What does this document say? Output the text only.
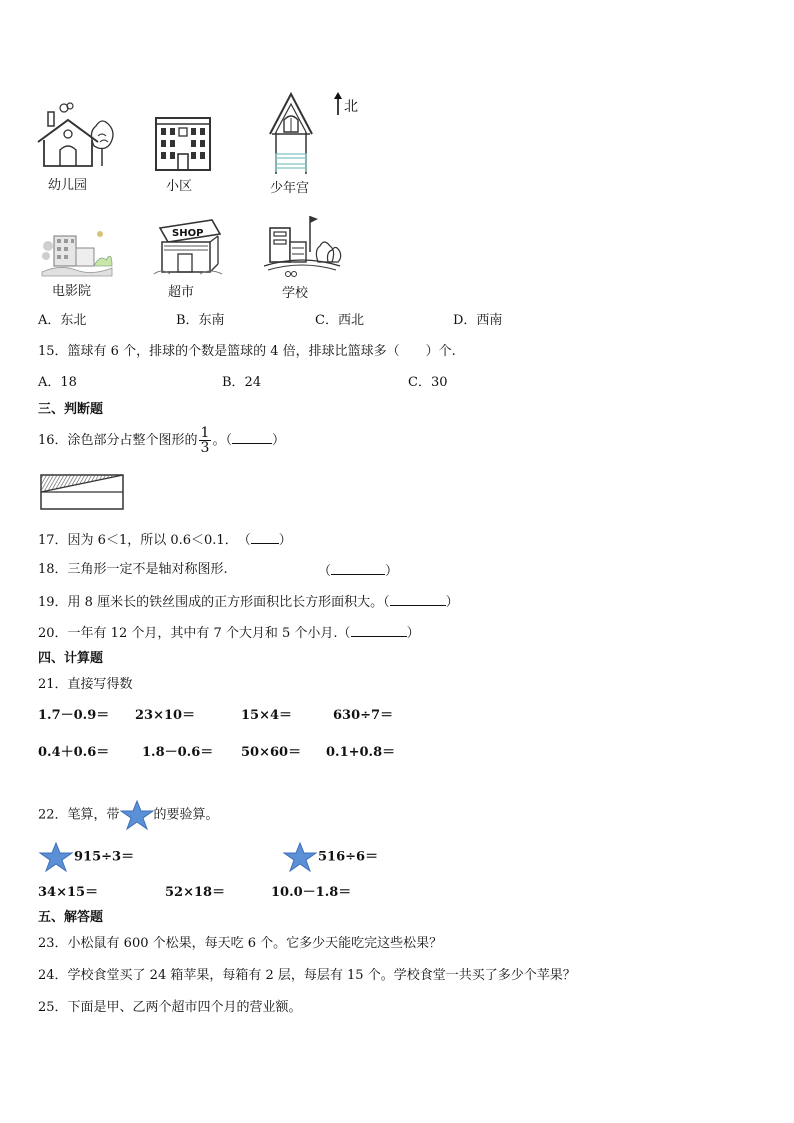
北
幼儿园	小区	少年宫
电影院
SHOP
超市	学校
A．东北	B．东南	C．西北	D．西南
15．篮球有 6 个，排球的个数是篮球的 4 倍，排球比篮球多（　　）个.
A．18	B．24	C．30
三、判断题
16．涂色部分占整个图形的 $\frac{1}{3}$ 。（	）
17．因为 6＜1，所以 0.6＜0.1．　（ ）
18．三角形一定不是轴对称图形.	（	）
19．用 8 厘米长的铁丝围成的正方形面积比长方形面积大。（	）
20．一年有 12 个月，其中有 7 个大月和 5 个小月.（	）
四、计算题
21．直接写得数
1.7－0.9＝ 23×10＝	15×4＝	630÷7＝
0.4＋0.6＝	1.8－0.6＝ 50×60＝ 0.1+0.8＝
22．笔算，带	的要验算。
915÷3＝	516÷6＝
34×15＝	52×18＝	10.0－1.8＝
五、解答题
23．小松鼠有 600 个松果，每天吃 6 个。它多少天能吃完这些松果？
24．学校食堂买了 24 箱苹果，每箱有 2 层，每层有 15 个。学校食堂一共买了多少个苹果？
25．下面是甲、乙两个超市四个月的营业额。
